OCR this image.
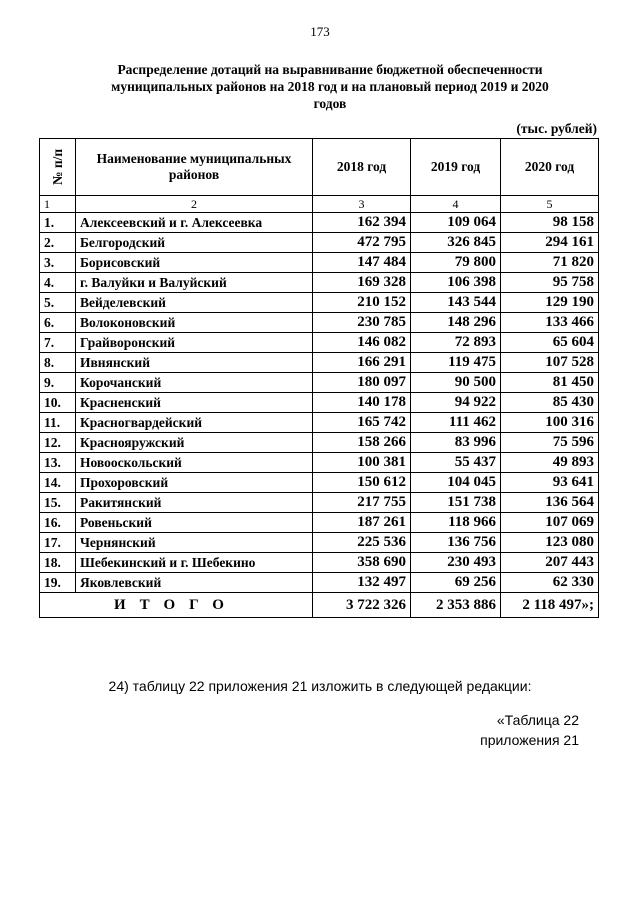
173
Распределение дотаций на выравнивание бюджетной обеспеченности
муниципальных районов на 2018 год и на плановый период 2019 и 2020
годов
(тыс. рублей)
№ п/п	Наименование муниципальных районов	2018 год	2019 год	2020 год
1	2	3	4	5
1.	Алексеевский и г. Алексеевка	162 394	109 064	98 158
2.	Белгородский	472 795	326 845	294 161
3.	Борисовский	147 484	79 800	71 820
4.	г. Валуйки и Валуйский	169 328	106 398	95 758
5.	Вейделевский	210 152	143 544	129 190
6.	Волоконовский	230 785	148 296	133 466
7.	Грайворонский	146 082	72 893	65 604
8.	Ивнянский	166 291	119 475	107 528
9.	Корочанский	180 097	90 500	81 450
10.	Красненский	140 178	94 922	85 430
11.	Красногвардейский	165 742	111 462	100 316
12.	Краснояружский	158 266	83 996	75 596
13.	Новооскольский	100 381	55 437	49 893
14.	Прохоровский	150 612	104 045	93 641
15.	Ракитянский	217 755	151 738	136 564
16.	Ровеньский	187 261	118 966	107 069
17.	Чернянский	225 536	136 756	123 080
18.	Шебекинский и г. Шебекино	358 690	230 493	207 443
19.	Яковлевский	132 497	69 256	62 330
ИТОГО		3 722 326	2 353 886	2 118 497»;
24) таблицу 22 приложения 21 изложить в следующей редакции:
«Таблица 22
приложения 21
